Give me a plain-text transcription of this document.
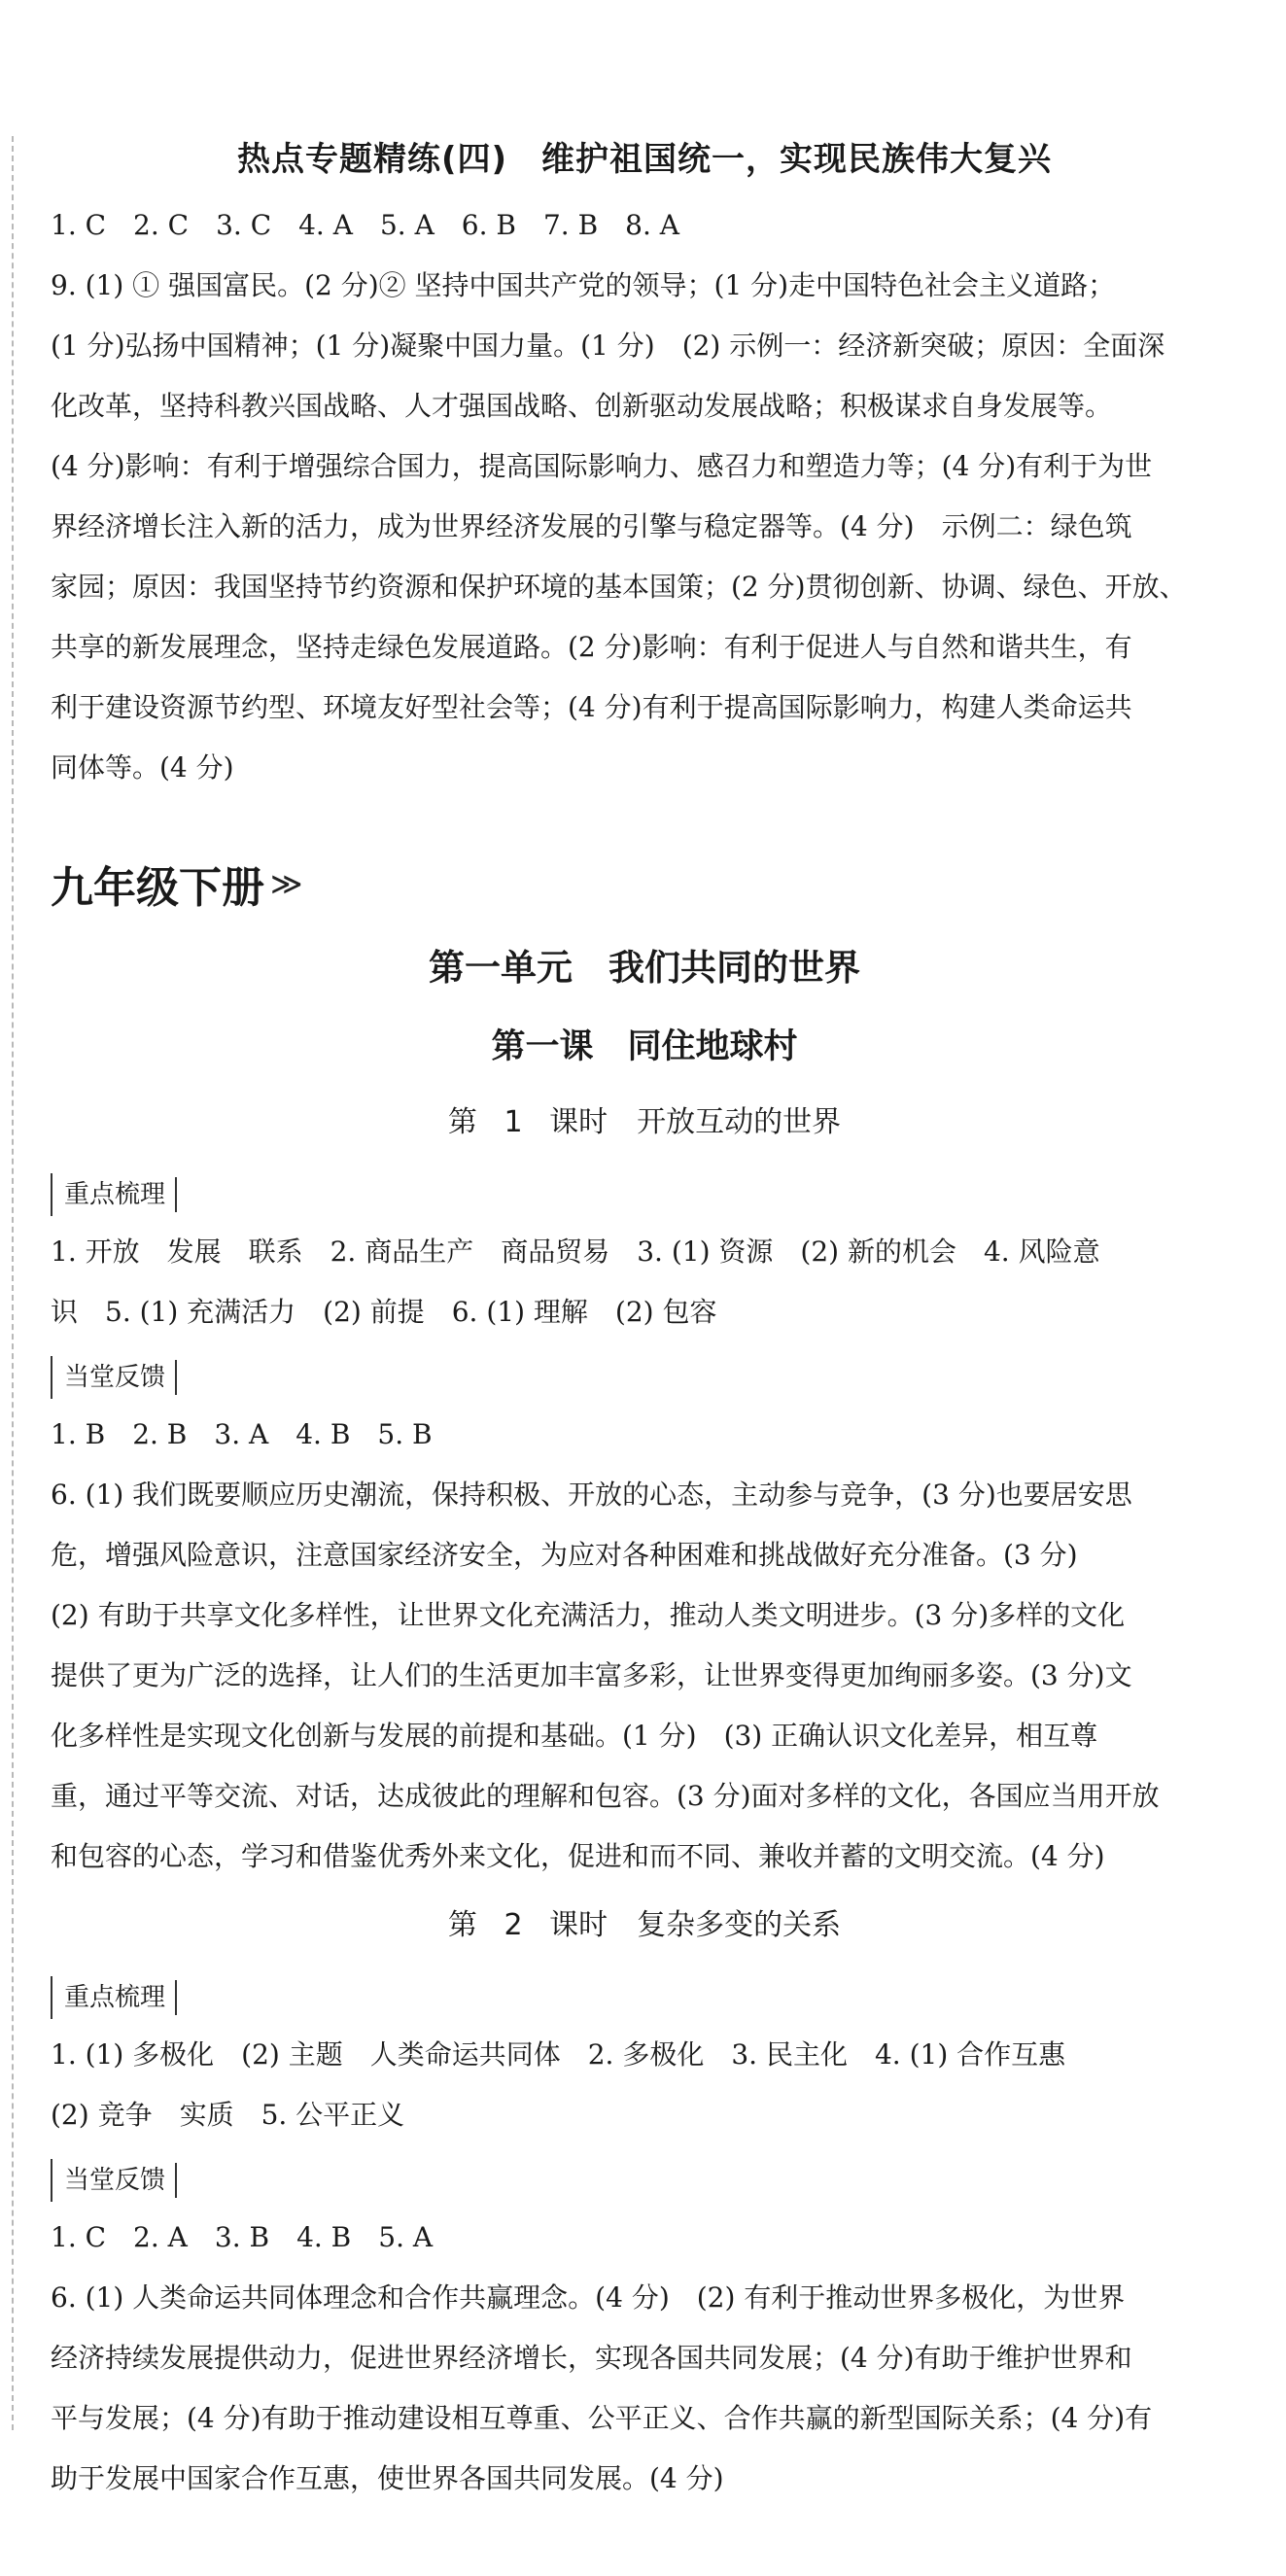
热点专题精练(四)　维护祖国统一，实现民族伟大复兴

1. C　2. C　3. C　4. A　5. A　6. B　7. B　8. A

9. (1) ① 强国富民。(2 分)② 坚持中国共产党的领导；(1 分)走中国特色社会主义道路；

(1 分)弘扬中国精神；(1 分)凝聚中国力量。(1 分)　(2) 示例一：经济新突破；原因：全面深

化改革，坚持科教兴国战略、人才强国战略、创新驱动发展战略；积极谋求自身发展等。

(4 分)影响：有利于增强综合国力，提高国际影响力、感召力和塑造力等；(4 分)有利于为世

界经济增长注入新的活力，成为世界经济发展的引擎与稳定器等。(4 分)　示例二：绿色筑

家园；原因：我国坚持节约资源和保护环境的基本国策；(2 分)贯彻创新、协调、绿色、开放、

共享的新发展理念，坚持走绿色发展道路。(2 分)影响：有利于促进人与自然和谐共生，有

利于建设资源节约型、环境友好型社会等；(4 分)有利于提高国际影响力，构建人类命运共

同体等。(4 分)

九年级下册 ≫
第一单元　我们共同的世界
第一课　同住地球村
第 1 课时　开放互动的世界
重点梳理

1. 开放　发展　联系　2. 商品生产　商品贸易　3. (1) 资源　(2) 新的机会　4. 风险意

识　5. (1) 充满活力　(2) 前提　6. (1) 理解　(2) 包容

当堂反馈

1. B　2. B　3. A　4. B　5. B

6. (1) 我们既要顺应历史潮流，保持积极、开放的心态，主动参与竞争，(3 分)也要居安思

危，增强风险意识，注意国家经济安全，为应对各种困难和挑战做好充分准备。(3 分)

(2) 有助于共享文化多样性，让世界文化充满活力，推动人类文明进步。(3 分)多样的文化

提供了更为广泛的选择，让人们的生活更加丰富多彩，让世界变得更加绚丽多姿。(3 分)文

化多样性是实现文化创新与发展的前提和基础。(1 分)　(3) 正确认识文化差异，相互尊

重，通过平等交流、对话，达成彼此的理解和包容。(3 分)面对多样的文化，各国应当用开放

和包容的心态，学习和借鉴优秀外来文化，促进和而不同、兼收并蓄的文明交流。(4 分)

第 2 课时　复杂多变的关系
重点梳理

1. (1) 多极化　(2) 主题　人类命运共同体　2. 多极化　3. 民主化　4. (1) 合作互惠

(2) 竞争　实质　5. 公平正义

当堂反馈

1. C　2. A　3. B　4. B　5. A

6. (1) 人类命运共同体理念和合作共赢理念。(4 分)　(2) 有利于推动世界多极化，为世界

经济持续发展提供动力，促进世界经济增长，实现各国共同发展；(4 分)有助于维护世界和

平与发展；(4 分)有助于推动建设相互尊重、公平正义、合作共赢的新型国际关系；(4 分)有

助于发展中国家合作互惠，使世界各国共同发展。(4 分)
